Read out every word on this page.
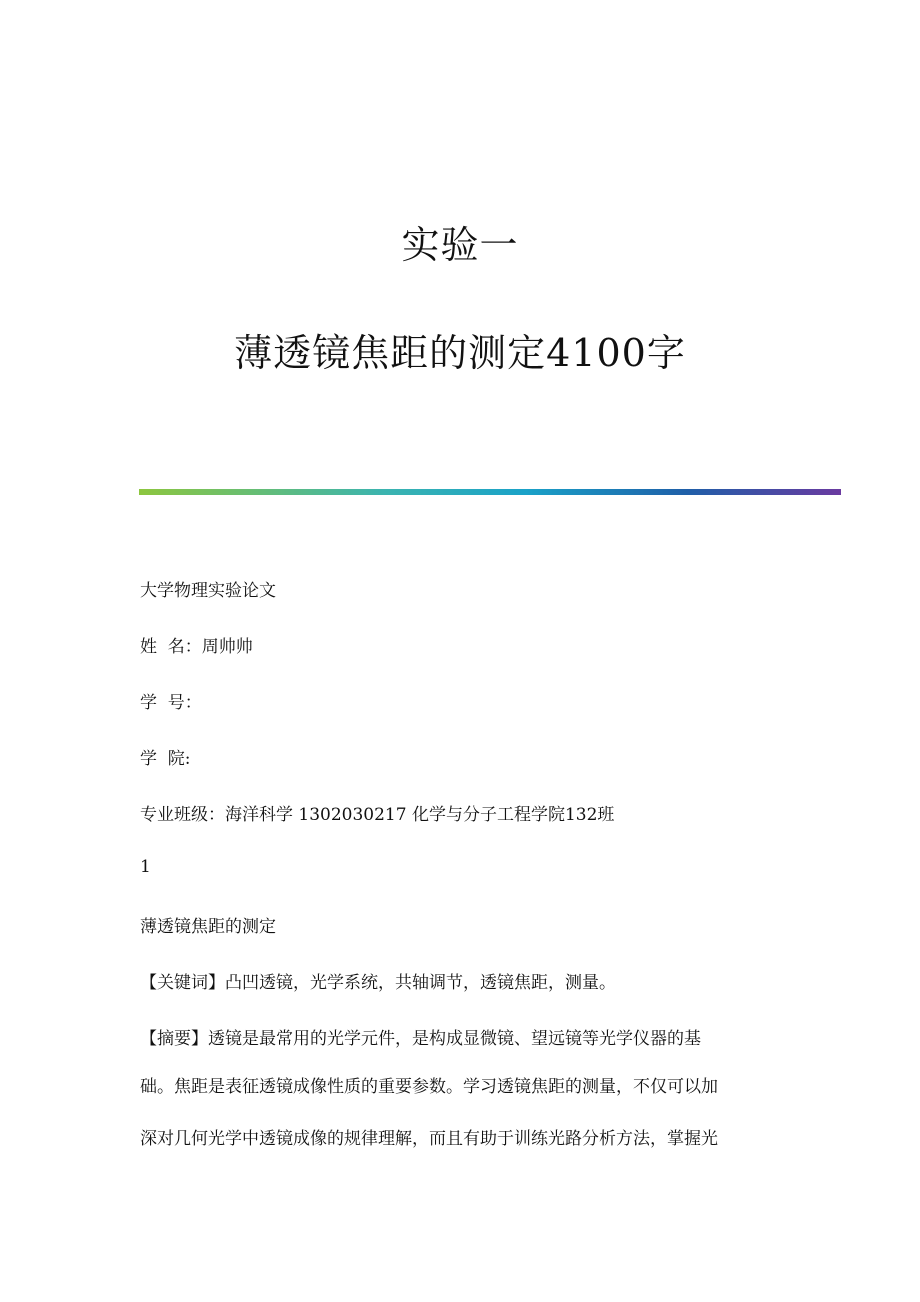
实验一
薄透镜焦距的测定4100字
大学物理实验论文
姓  名：周帅帅
学  号：
学  院:
专业班级：海洋科学 1302030217 化学与分子工程学院132班
1
薄透镜焦距的测定
【关键词】凸凹透镜，光学系统，共轴调节，透镜焦距，测量。
【摘要】透镜是最常用的光学元件，是构成显微镜、望远镜等光学仪器的基
础。焦距是表征透镜成像性质的重要参数。学习透镜焦距的测量，不仅可以加
深对几何光学中透镜成像的规律理解，而且有助于训练光路分析方法，掌握光
